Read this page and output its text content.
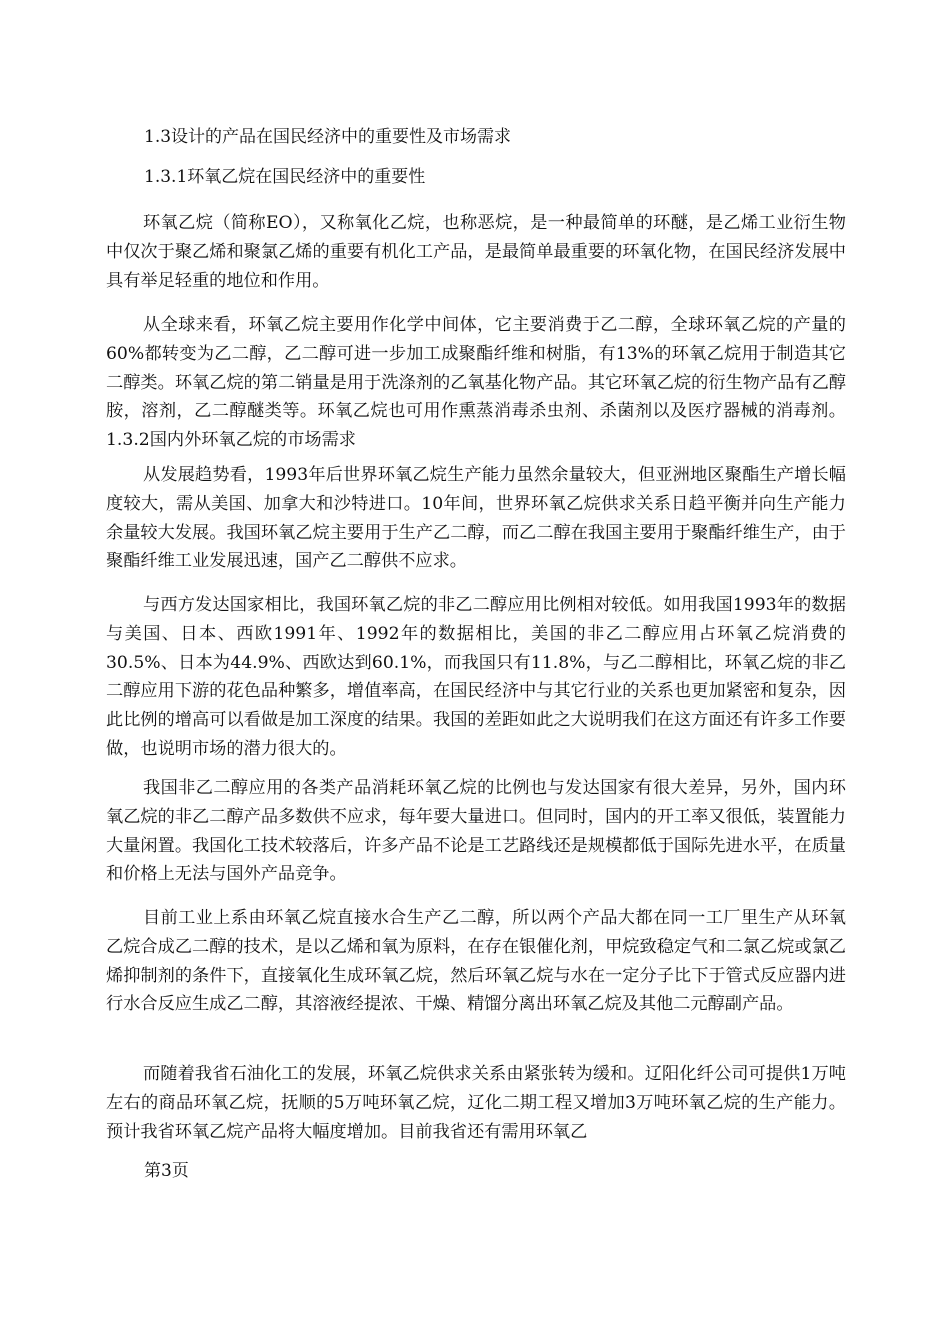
1.3设计的产品在国民经济中的重要性及市场需求
1.3.1环氧乙烷在国民经济中的重要性

环氧乙烷（简称EO），又称氧化乙烷，也称恶烷，是一种最简单的环醚，是乙烯工业衍生物中仅次于聚乙烯和聚氯乙烯的重要有机化工产品，是最简单最重要的环氧化物，在国民经济发展中具有举足轻重的地位和作用。

从全球来看，环氧乙烷主要用作化学中间体，它主要消费于乙二醇，全球环氧乙烷的产量的60%都转变为乙二醇，乙二醇可进一步加工成聚酯纤维和树脂，有13%的环氧乙烷用于制造其它二醇类。环氧乙烷的第二销量是用于洗涤剂的乙氧基化物产品。其它环氧乙烷的衍生物产品有乙醇胺，溶剂，乙二醇醚类等。环氧乙烷也可用作熏蒸消毒杀虫剂、杀菌剂以及医疗器械的消毒剂。1.3.2国内外环氧乙烷的市场需求

从发展趋势看，1993年后世界环氧乙烷生产能力虽然余量较大，但亚洲地区聚酯生产增长幅度较大，需从美国、加拿大和沙特进口。10年间，世界环氧乙烷供求关系日趋平衡并向生产能力余量较大发展。我国环氧乙烷主要用于生产乙二醇，而乙二醇在我国主要用于聚酯纤维生产，由于聚酯纤维工业发展迅速，国产乙二醇供不应求。

与西方发达国家相比，我国环氧乙烷的非乙二醇应用比例相对较低。如用我国1993年的数据与美国、日本、西欧1991年、1992年的数据相比，美国的非乙二醇应用占环氧乙烷消费的30.5%、日本为44.9%、西欧达到60.1%，而我国只有11.8%，与乙二醇相比，环氧乙烷的非乙二醇应用下游的花色品种繁多，增值率高，在国民经济中与其它行业的关系也更加紧密和复杂，因此比例的增高可以看做是加工深度的结果。我国的差距如此之大说明我们在这方面还有许多工作要做，也说明市场的潜力很大的。

我国非乙二醇应用的各类产品消耗环氧乙烷的比例也与发达国家有很大差异，另外，国内环氧乙烷的非乙二醇产品多数供不应求，每年要大量进口。但同时，国内的开工率又很低，装置能力大量闲置。我国化工技术较落后，许多产品不论是工艺路线还是规模都低于国际先进水平，在质量和价格上无法与国外产品竞争。

目前工业上系由环氧乙烷直接水合生产乙二醇，所以两个产品大都在同一工厂里生产从环氧乙烷合成乙二醇的技术，是以乙烯和氧为原料，在存在银催化剂，甲烷致稳定气和二氯乙烷或氯乙烯抑制剂的条件下，直接氧化生成环氧乙烷，然后环氧乙烷与水在一定分子比下于管式反应器内进行水合反应生成乙二醇，其溶液经提浓、干燥、精馏分离出环氧乙烷及其他二元醇副产品。

而随着我省石油化工的发展，环氧乙烷供求关系由紧张转为缓和。辽阳化纤公司可提供1万吨左右的商品环氧乙烷，抚顺的5万吨环氧乙烷，辽化二期工程又增加3万吨环氧乙烷的生产能力。预计我省环氧乙烷产品将大幅度增加。目前我省还有需用环氧乙

第3页
